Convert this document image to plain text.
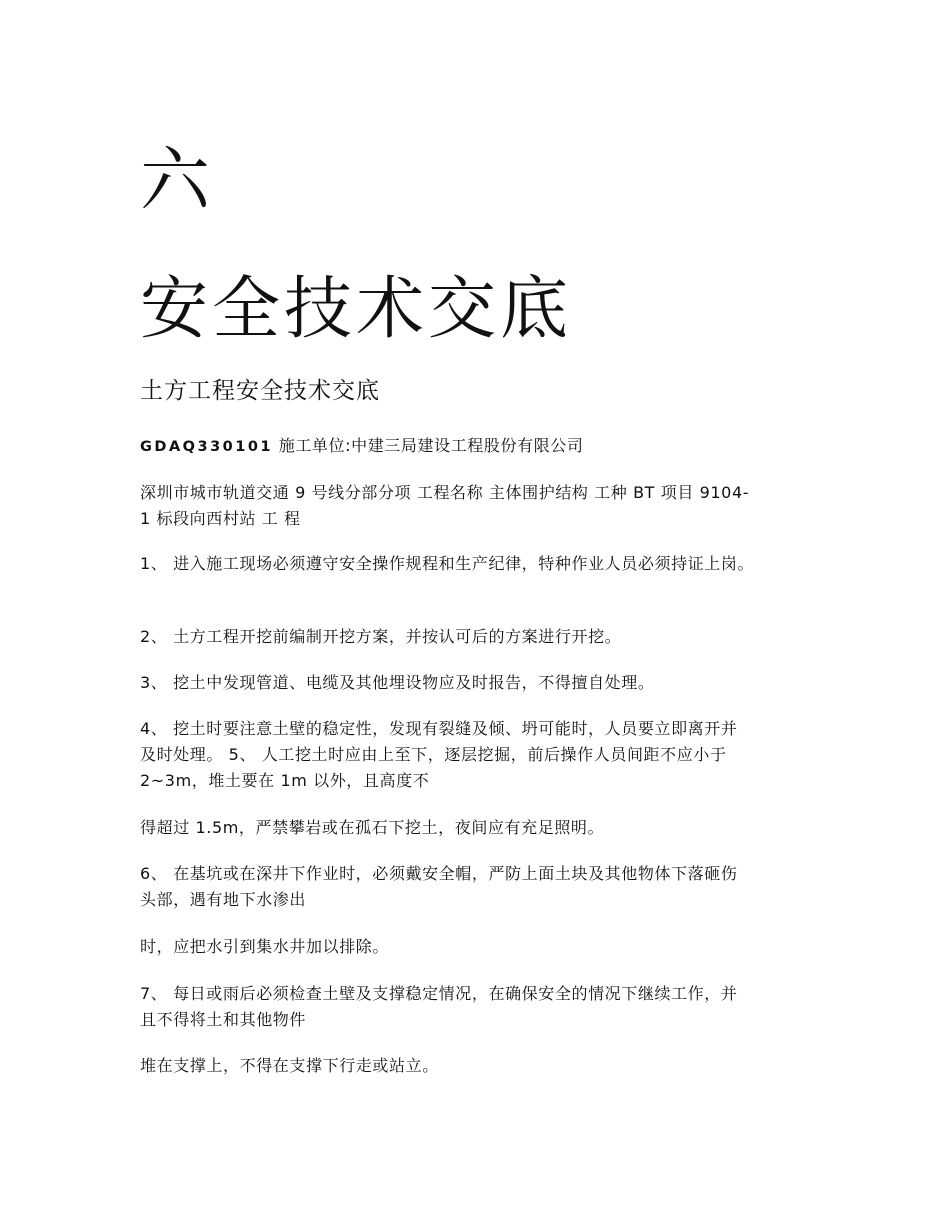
六
安全技术交底
土方工程安全技术交底
GDAQ330101 施工单位:中建三局建设工程股份有限公司
深圳市城市轨道交通 9 号线分部分项 工程名称 主体围护结构 工种 BT 项目 9104-
1 标段向西村站 工 程
1、 进入施工现场必须遵守安全操作规程和生产纪律，特种作业人员必须持证上岗。
2、 土方工程开挖前编制开挖方案，并按认可后的方案进行开挖。
3、 挖土中发现管道、电缆及其他埋设物应及时报告，不得擅自处理。
4、 挖土时要注意土壁的稳定性，发现有裂缝及倾、坍可能时，人员要立即离开并
及时处理。 5、 人工挖土时应由上至下，逐层挖掘，前后操作人员间距不应小于
2~3m，堆土要在 1m 以外，且高度不
得超过 1.5m，严禁攀岩或在孤石下挖土，夜间应有充足照明。
6、 在基坑或在深井下作业时，必须戴安全帽，严防上面土块及其他物体下落砸伤
头部，遇有地下水渗出
时，应把水引到集水井加以排除。
7、 每日或雨后必须检查土壁及支撑稳定情况，在确保安全的情况下继续工作，并
且不得将土和其他物件
堆在支撑上，不得在支撑下行走或站立。
